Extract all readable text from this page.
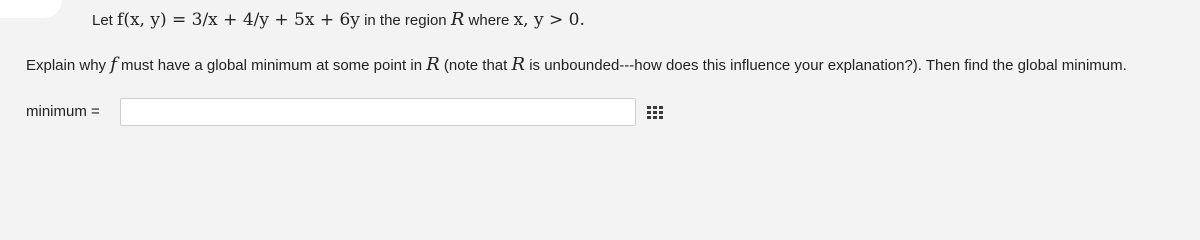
Let f(x, y) = 3/x + 4/y + 5x + 6y in the region R where x, y > 0.
Explain why f must have a global minimum at some point in R (note that R is unbounded---how does this influence your explanation?). Then find the global minimum.
minimum =
